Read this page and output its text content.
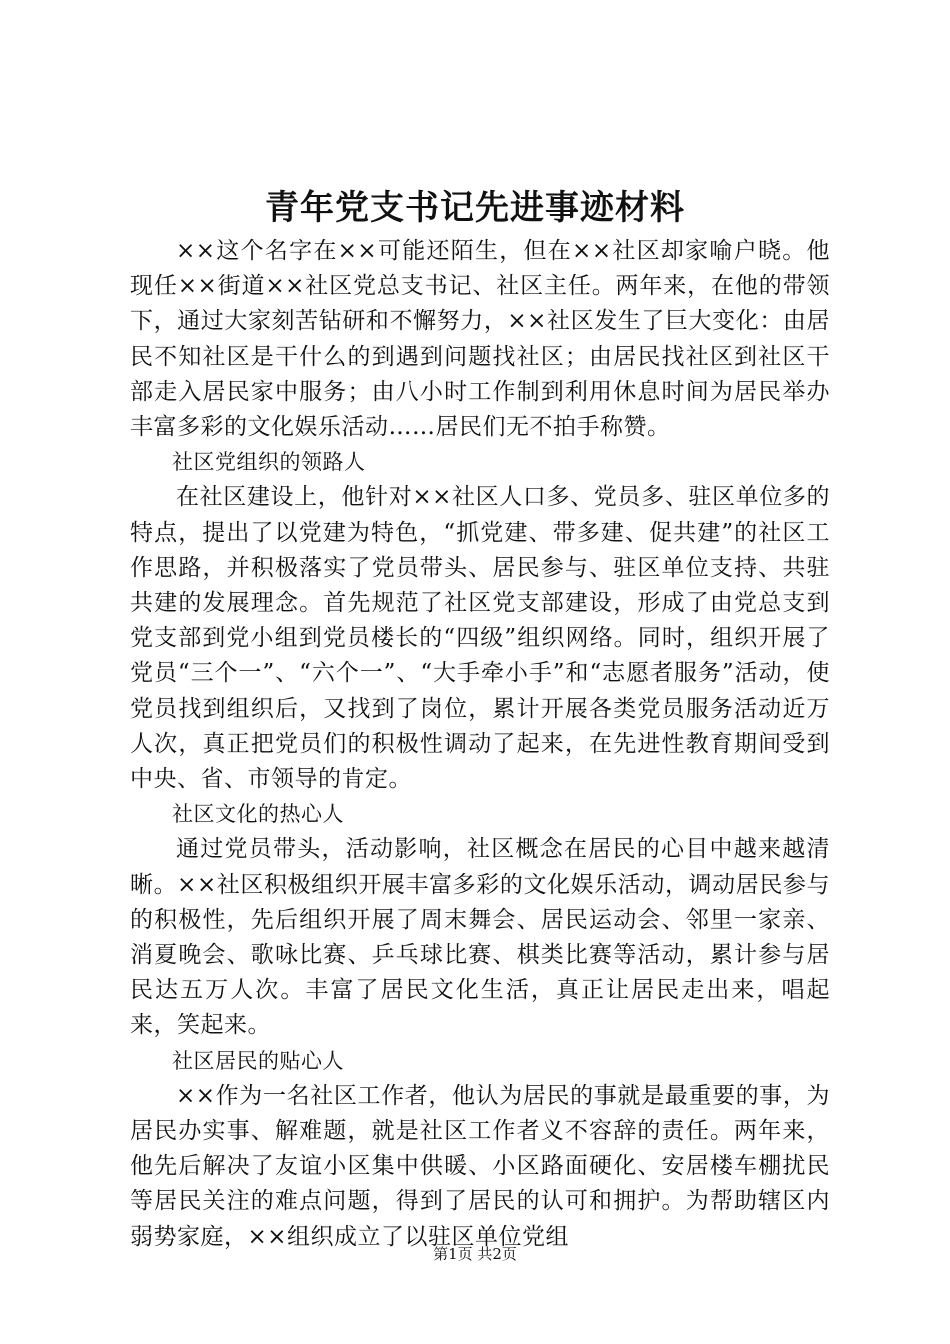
青年党支书记先进事迹材料

××这个名字在××可能还陌生，但在××社区却家喻户晓。他现任××街道××社区党总支书记、社区主任。两年来，在他的带领下，通过大家刻苦钻研和不懈努力，××社区发生了巨大变化：由居民不知社区是干什么的到遇到问题找社区；由居民找社区到社区干部走入居民家中服务；由八小时工作制到利用休息时间为居民举办丰富多彩的文化娱乐活动……居民们无不拍手称赞。

社区党组织的领路人

在社区建设上，他针对××社区人口多、党员多、驻区单位多的特点，提出了以党建为特色，“抓党建、带多建、促共建”的社区工作思路，并积极落实了党员带头、居民参与、驻区单位支持、共驻共建的发展理念。首先规范了社区党支部建设，形成了由党总支到党支部到党小组到党员楼长的“四级”组织网络。同时，组织开展了党员“三个一”、“六个一”、“大手牵小手”和“志愿者服务”活动，使党员找到组织后，又找到了岗位，累计开展各类党员服务活动近万人次，真正把党员们的积极性调动了起来，在先进性教育期间受到中央、省、市领导的肯定。

社区文化的热心人

通过党员带头，活动影响，社区概念在居民的心目中越来越清晰。××社区积极组织开展丰富多彩的文化娱乐活动，调动居民参与的积极性，先后组织开展了周末舞会、居民运动会、邻里一家亲、消夏晚会、歌咏比赛、乒乓球比赛、棋类比赛等活动，累计参与居民达五万人次。丰富了居民文化生活，真正让居民走出来，唱起来，笑起来。

社区居民的贴心人

××作为一名社区工作者，他认为居民的事就是最重要的事，为居民办实事、解难题，就是社区工作者义不容辞的责任。两年来，他先后解决了友谊小区集中供暖、小区路面硬化、安居楼车棚扰民等居民关注的难点问题，得到了居民的认可和拥护。为帮助辖区内弱势家庭，××组织成立了以驻区单位党组

第1页 共2页
